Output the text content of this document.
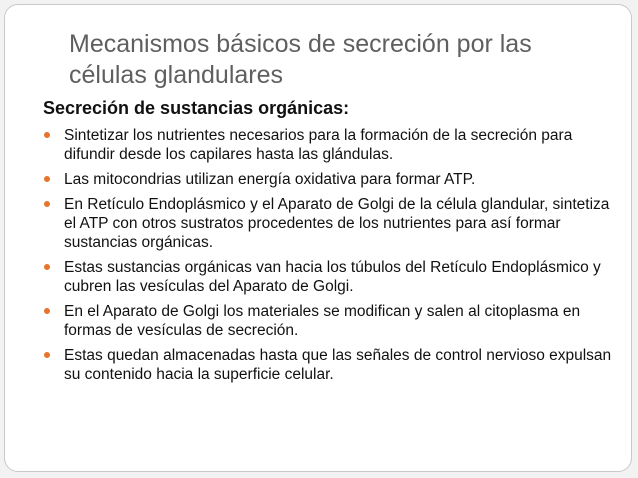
Mecanismos básicos de secreción por las células glandulares
Secreción de sustancias orgánicas:
Sintetizar los nutrientes necesarios para la formación de la secreción para difundir desde los capilares hasta las glándulas.
Las mitocondrias utilizan energía oxidativa para formar ATP.
En Retículo Endoplásmico y el Aparato de Golgi de la célula glandular, sintetiza el ATP con otros sustratos procedentes de los nutrientes para así formar sustancias orgánicas.
Estas sustancias orgánicas van hacia los túbulos del Retículo Endoplásmico y cubren las vesículas del Aparato de Golgi.
En el Aparato de Golgi los materiales se modifican y salen al citoplasma en formas de vesículas de secreción.
Estas quedan almacenadas hasta que las señales de control nervioso expulsan su contenido hacia la superficie celular.
